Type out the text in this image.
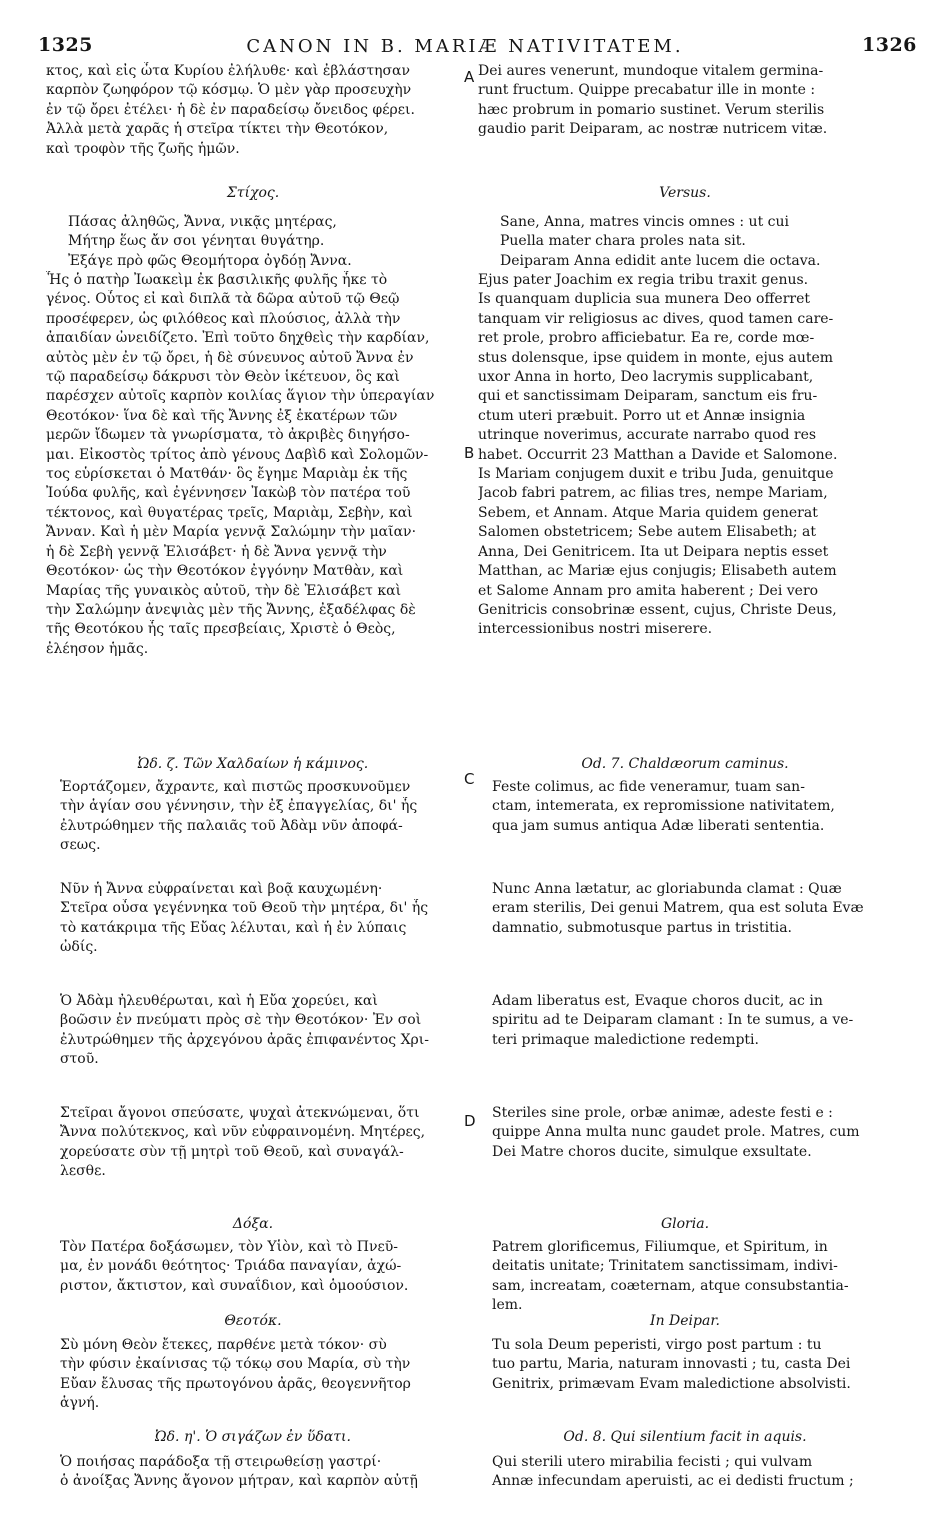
1325	CANON IN B. MARIÆ NATIVITATEM.	1326
A
B
C
D
κτος, καὶ εἰς ὦτα Κυρίου ἐλήλυθε· καὶ ἐβλάστησαν
καρπὸν ζωηφόρον τῷ κόσμῳ. Ὁ μὲν γὰρ προσευχὴν
ἐν τῷ ὄρει ἐτέλει· ἡ δὲ ἐν παραδείσῳ ὄνειδος φέρει.
Ἀλλὰ μετὰ χαρᾶς ἡ στεῖρα τίκτει τὴν Θεοτόκον,
καὶ τροφὸν τῆς ζωῆς ἡμῶν.
Στίχος.
Πάσας ἀληθῶς, Ἄννα, νικᾷς μητέρας,
Μήτηρ ἕως ἄν σοι γένηται θυγάτηρ.
Ἐξάγε πρὸ φῶς Θεομήτορα ὀγδόῃ Ἄννα.
Ἧς ὁ πατὴρ Ἰωακεὶμ ἐκ βασιλικῆς φυλῆς ἧκε τὸ
γένος. Οὗτος εἰ καὶ διπλᾶ τὰ δῶρα αὐτοῦ τῷ Θεῷ
προσέφερεν, ὡς φιλόθεος καὶ πλούσιος, ἀλλὰ τὴν
ἀπαιδίαν ὠνειδίζετο. Ἐπὶ τοῦτο δηχθεὶς τὴν καρδίαν,
αὐτὸς μὲν ἐν τῷ ὄρει, ἡ δὲ σύνευνος αὐτοῦ Ἄννα ἐν
τῷ παραδείσῳ δάκρυσι τὸν Θεὸν ἱκέτευον, ὃς καὶ
παρέσχεν αὐτοῖς καρπὸν κοιλίας ἅγιον τὴν ὑπεραγίαν
Θεοτόκον· ἵνα δὲ καὶ τῆς Ἄννης ἐξ ἑκατέρων τῶν
μερῶν ἴδωμεν τὰ γνωρίσματα, τὸ ἀκριβὲς διηγήσο-
μαι. Εἰκοστὸς τρίτος ἀπὸ γένους Δαβὶδ καὶ Σολομῶν-
τος εὑρίσκεται ὁ Ματθάν· ὃς ἔγημε Μαριὰμ ἐκ τῆς
Ἰούδα φυλῆς, καὶ ἐγέννησεν Ἰακὼβ τὸν πατέρα τοῦ
τέκτονος, καὶ θυγατέρας τρεῖς, Μαριὰμ, Σεβὴν, καὶ
Ἄνναν. Καὶ ἡ μὲν Μαρία γεννᾷ Σαλώμην τὴν μαῖαν·
ἡ δὲ Σεβὴ γεννᾷ Ἐλισάβετ· ἡ δὲ Ἄννα γεννᾷ τὴν
Θεοτόκον· ὡς τὴν Θεοτόκον ἐγγόνην Ματθὰν, καὶ
Μαρίας τῆς γυναικὸς αὐτοῦ, τὴν δὲ Ἐλισάβετ καὶ
τὴν Σαλώμην ἀνεψιὰς μὲν τῆς Ἄννης, ἐξαδέλφας δὲ
τῆς Θεοτόκου ἧς ταῖς πρεσβείαις, Χριστὲ ὁ Θεὸς,
ἐλέησον ἡμᾶς.
Ὠδ. ζ. Τῶν Χαλδαίων ἡ κάμινος.
Ἑορτάζομεν, ἄχραντε, καὶ πιστῶς προσκυνοῦμεν
τὴν ἁγίαν σου γέννησιν, τὴν ἐξ ἐπαγγελίας, δι' ἧς
ἐλυτρώθημεν τῆς παλαιᾶς τοῦ Ἀδὰμ νῦν ἀποφά-
σεως.
Νῦν ἡ Ἄννα εὐφραίνεται καὶ βοᾷ καυχωμένη·
Στεῖρα οὖσα γεγέννηκα τοῦ Θεοῦ τὴν μητέρα, δι' ἧς
τὸ κατάκριμα τῆς Εὔας λέλυται, καὶ ἡ ἐν λύπαις
ὠδίς.
Ὁ Ἀδὰμ ἠλευθέρωται, καὶ ἡ Εὔα χορεύει, καὶ
βοῶσιν ἐν πνεύματι πρὸς σὲ τὴν Θεοτόκον· Ἐν σοὶ
ἐλυτρώθημεν τῆς ἀρχεγόνου ἀρᾶς ἐπιφανέντος Χρι-
στοῦ.
Στεῖραι ἄγονοι σπεύσατε, ψυχαὶ ἀτεκνώμεναι, ὅτι
Ἄννα πολύτεκνος, καὶ νῦν εὐφραινομένη. Μητέρες,
χορεύσατε σὺν τῇ μητρὶ τοῦ Θεοῦ, καὶ συναγάλ-
λεσθε.
Δόξα.
Τὸν Πατέρα δοξάσωμεν, τὸν Υἱὸν, καὶ τὸ Πνεῦ-
μα, ἐν μονάδι θεότητος· Τριάδα παναγίαν, ἀχώ-
ριστον, ἄκτιστον, καὶ συναΐδιον, καὶ ὁμοούσιον.
Θεοτόκ.
Σὺ μόνη Θεὸν ἔτεκες, παρθένε μετὰ τόκον· σὺ
τὴν φύσιν ἐκαίνισας τῷ τόκῳ σου Μαρία, σὺ τὴν
Εὔαν ἔλυσας τῆς πρωτογόνου ἀρᾶς, θεογεννῆτορ
ἁγνή.
Ὠδ. η'. Ὁ σιγάζων ἐν ὕδατι.
Ὁ ποιήσας παράδοξα τῇ στειρωθείσῃ γαστρί·
ὁ ἀνοίξας Ἄννης ἄγονον μήτραν, καὶ καρπὸν αὐτῇ
Dei aures venerunt, mundoque vitalem germina-
runt fructum. Quippe precabatur ille in monte :
hæc probrum in pomario sustinet. Verum sterilis
gaudio parit Deiparam, ac nostræ nutricem vitæ.
Versus.
Sane, Anna, matres vincis omnes : ut cui
Puella mater chara proles nata sit.
Deiparam Anna edidit ante lucem die octava.
Ejus pater Joachim ex regia tribu traxit genus.
Is quanquam duplicia sua munera Deo offerret
tanquam vir religiosus ac dives, quod tamen care-
ret prole, probro afficiebatur. Ea re, corde mœ-
stus dolensque, ipse quidem in monte, ejus autem
uxor Anna in horto, Deo lacrymis supplicabant,
qui et sanctissimam Deiparam, sanctum eis fru-
ctum uteri præbuit. Porro ut et Annæ insignia
utrinque noverimus, accurate narrabo quod res
habet. Occurrit 23 Matthan a Davide et Salomone.
Is Mariam conjugem duxit e tribu Juda, genuitque
Jacob fabri patrem, ac filias tres, nempe Mariam,
Sebem, et Annam. Atque Maria quidem generat
Salomen obstetricem; Sebe autem Elisabeth; at
Anna, Dei Genitricem. Ita ut Deipara neptis esset
Matthan, ac Mariæ ejus conjugis; Elisabeth autem
et Salome Annam pro amita haberent ; Dei vero
Genitricis consobrinæ essent, cujus, Christe Deus,
intercessionibus nostri miserere.
Od. 7. Chaldæorum caminus.
Feste colimus, ac fide veneramur, tuam san-
ctam, intemerata, ex repromissione nativitatem,
qua jam sumus antiqua Adæ liberati sententia.
Nunc Anna lætatur, ac gloriabunda clamat : Quæ
eram sterilis, Dei genui Matrem, qua est soluta Evæ
damnatio, submotusque partus in tristitia.
Adam liberatus est, Evaque choros ducit, ac in
spiritu ad te Deiparam clamant : In te sumus, a ve-
teri primaque maledictione redempti.
Steriles sine prole, orbæ animæ, adeste festi e :
quippe Anna multa nunc gaudet prole. Matres, cum
Dei Matre choros ducite, simulque exsultate.
Gloria.
Patrem glorificemus, Filiumque, et Spiritum, in
deitatis unitate; Trinitatem sanctissimam, indivi-
sam, increatam, coæternam, atque consubstantia-
lem.
In Deipar.
Tu sola Deum peperisti, virgo post partum : tu
tuo partu, Maria, naturam innovasti ; tu, casta Dei
Genitrix, primævam Evam maledictione absolvisti.
Od. 8. Qui silentium facit in aquis.
Qui sterili utero mirabilia fecisti ; qui vulvam
Annæ infecundam aperuisti, ac ei dedisti fructum ;
